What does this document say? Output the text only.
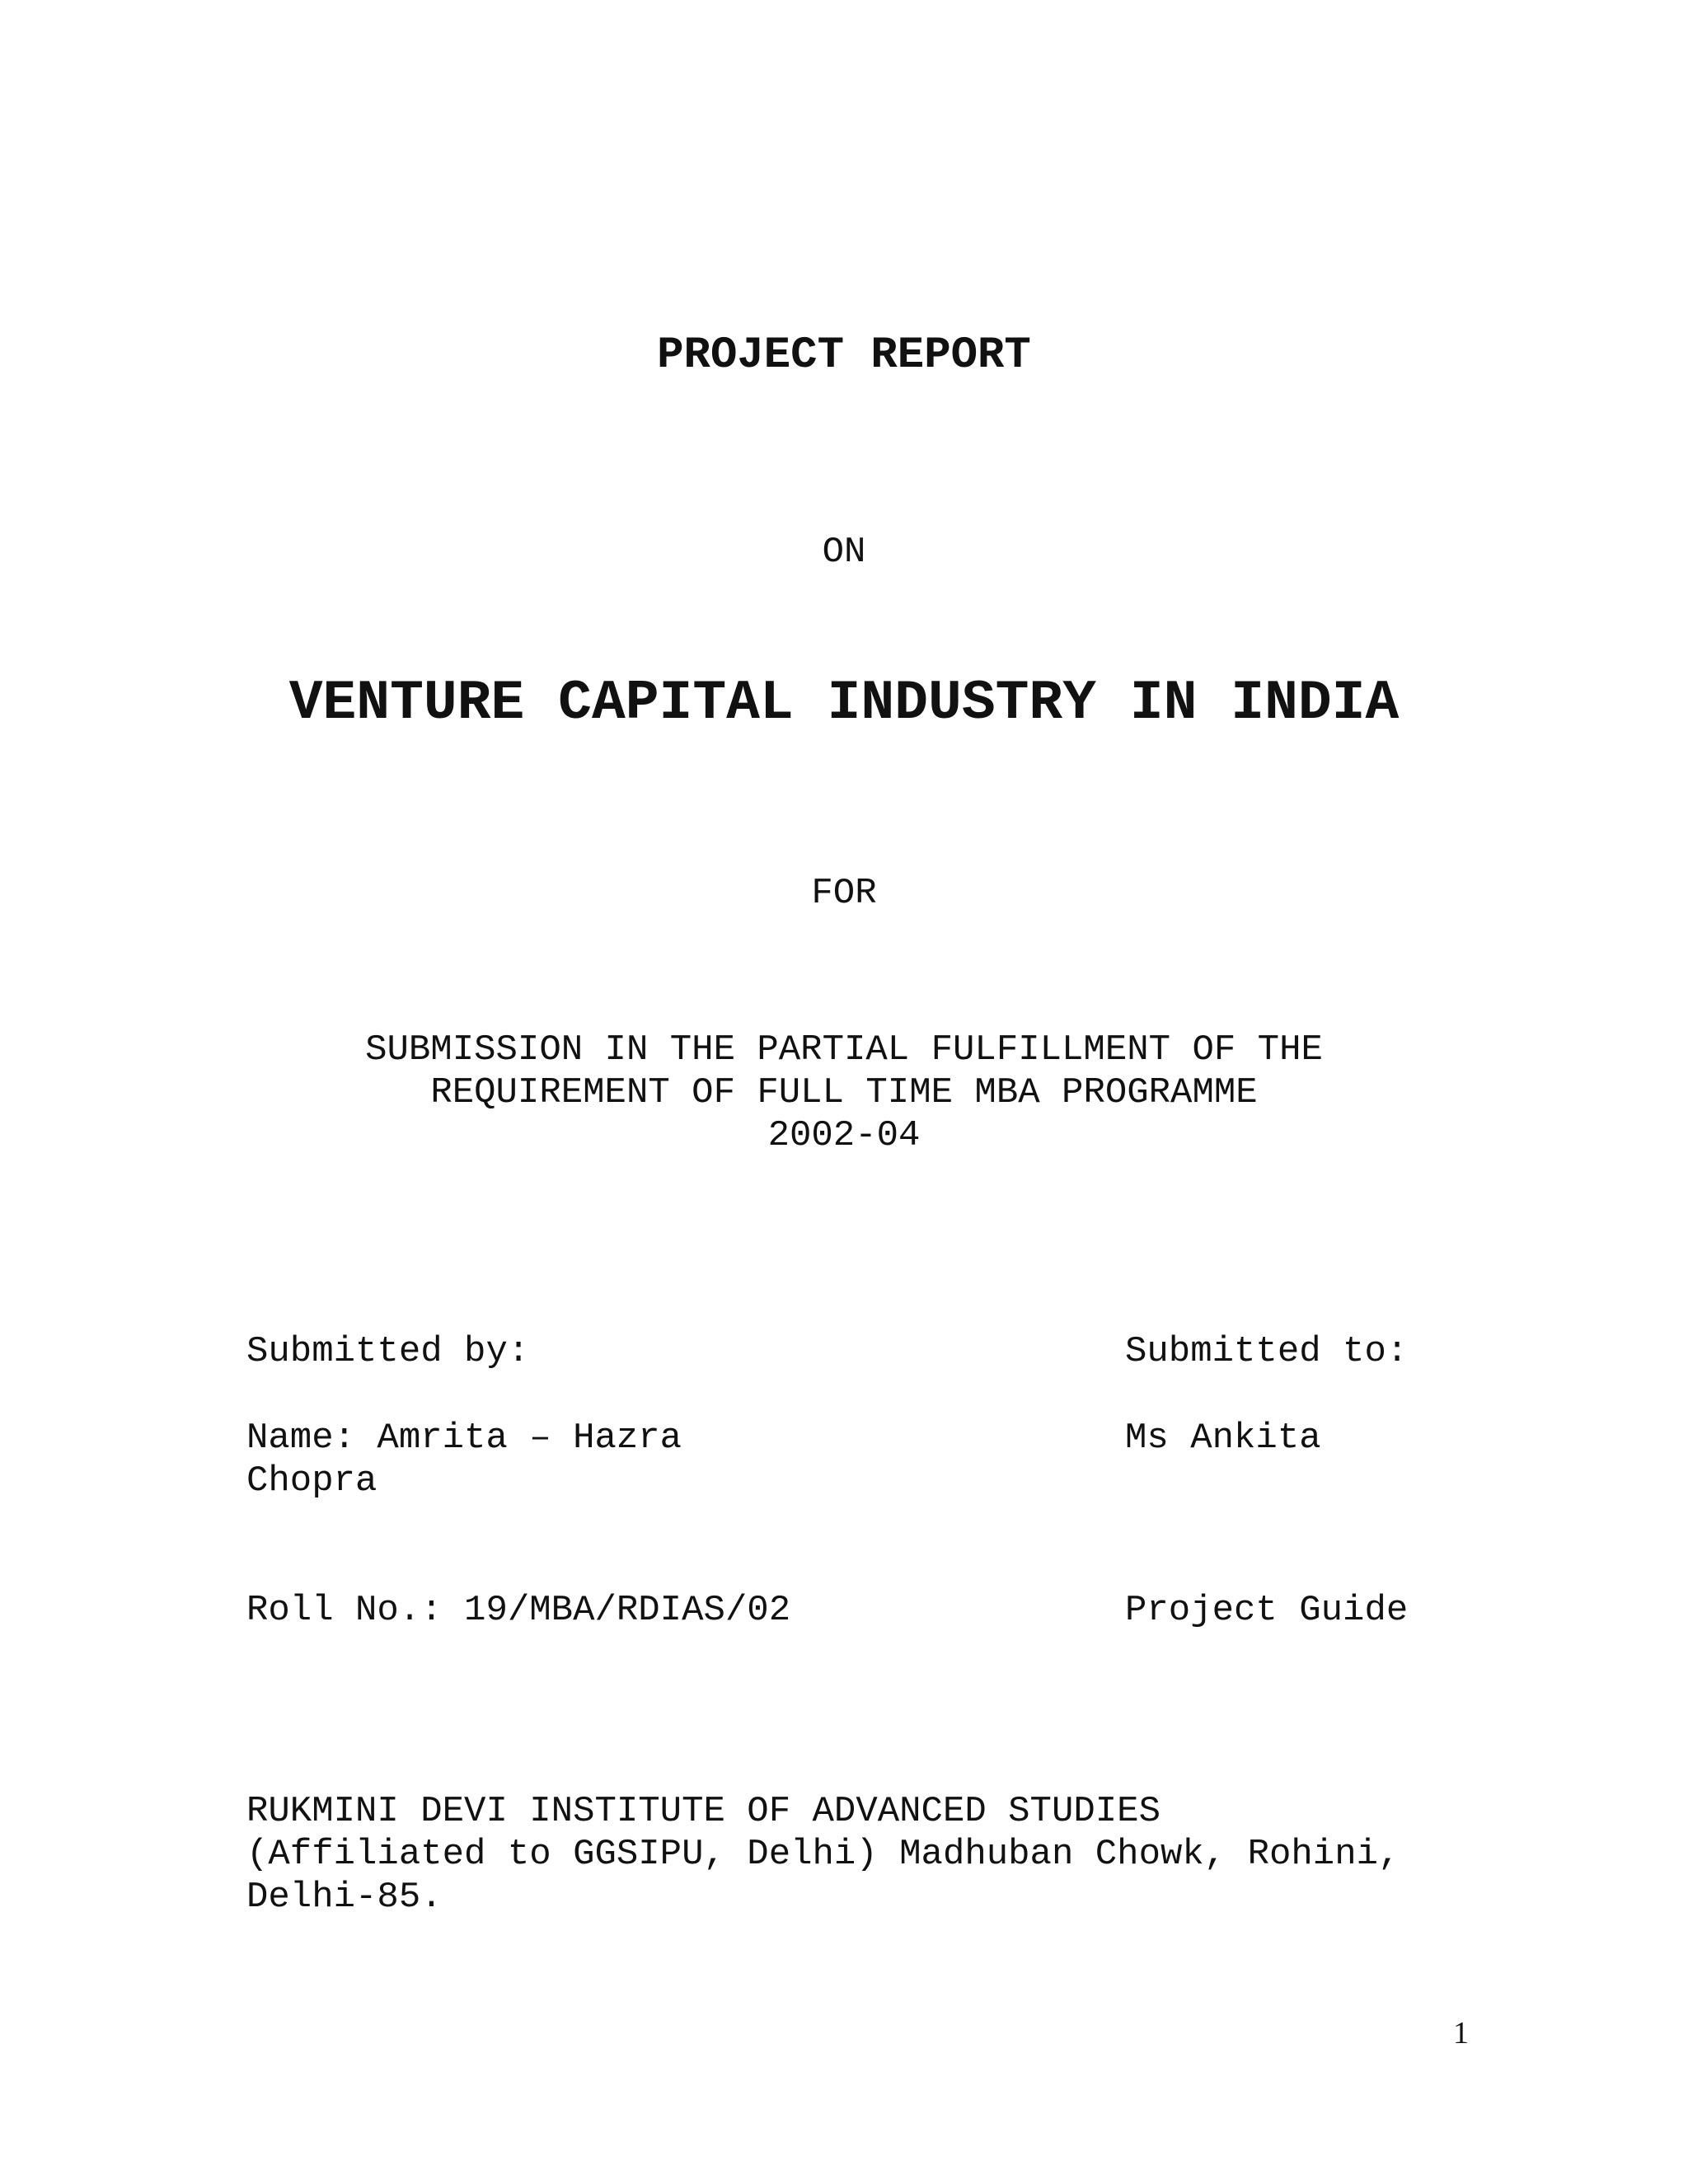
PROJECT REPORT
ON
VENTURE CAPITAL INDUSTRY IN INDIA
FOR
SUBMISSION IN THE PARTIAL FULFILLMENT OF THE
REQUIREMENT OF FULL TIME MBA PROGRAMME
2002-04
Submitted by:	Submitted to:
Name: Amrita – Hazra
Chopra
Ms Ankita
Roll No.: 19/MBA/RDIAS/02	Project Guide
RUKMINI DEVI INSTITUTE OF ADVANCED STUDIES
(Affiliated to GGSIPU, Delhi) Madhuban Chowk, Rohini,
Delhi-85.
1
